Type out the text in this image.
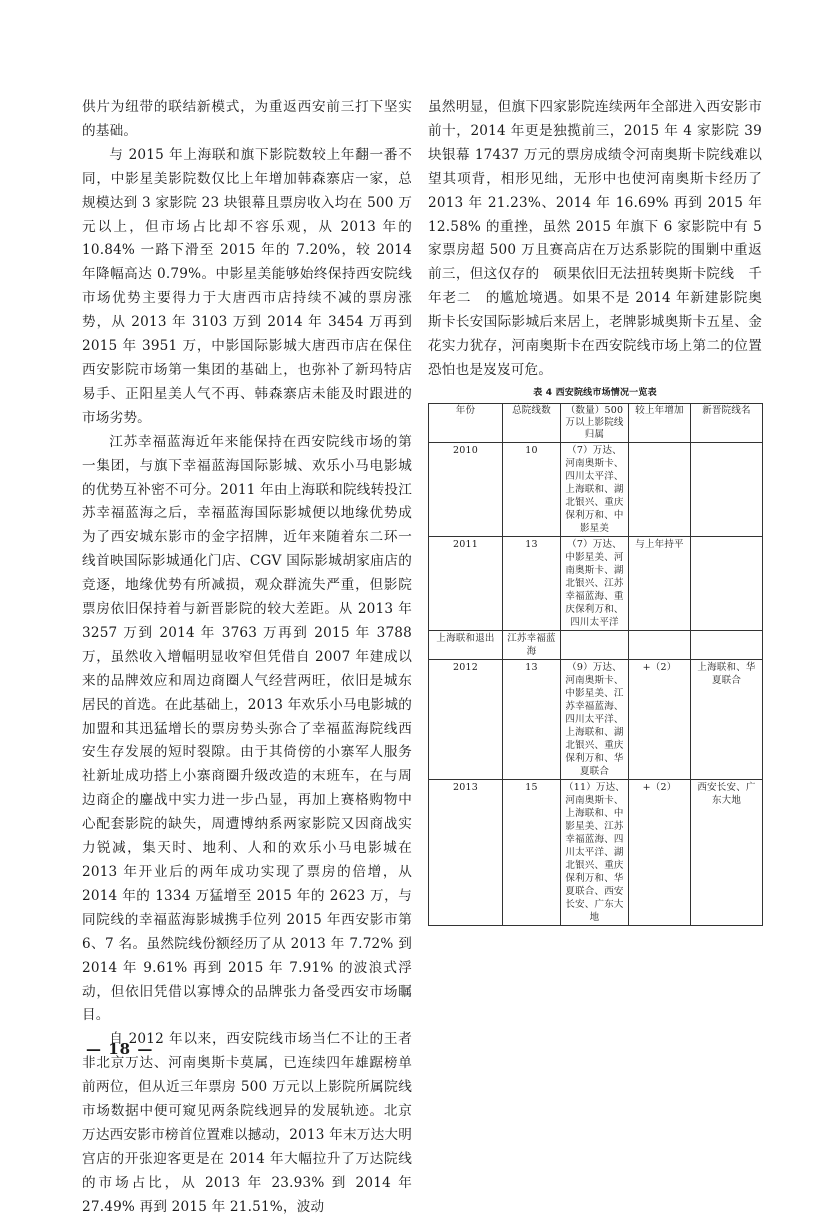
供片为纽带的联结新模式，为重返西安前三打下坚实的基础。

与 2015 年上海联和旗下影院数较上年翻一番不同，中影星美影院数仅比上年增加韩森寨店一家，总规模达到 3 家影院 23 块银幕且票房收入均在 500 万元以上，但市场占比却不容乐观，从 2013 年的 10.84% 一路下滑至 2015 年的 7.20%，较 2014 年降幅高达 0.79%。中影星美能够始终保持西安院线市场优势主要得力于大唐西市店持续不减的票房涨势，从 2013 年 3103 万到 2014 年 3454 万再到 2015 年 3951 万，中影国际影城大唐西市店在保住西安影院市场第一集团的基础上，也弥补了新玛特店易手、正阳星美人气不再、韩森寨店未能及时跟进的市场劣势。

江苏幸福蓝海近年来能保持在西安院线市场的第一集团，与旗下幸福蓝海国际影城、欢乐小马电影城的优势互补密不可分。2011 年由上海联和院线转投江苏幸福蓝海之后，幸福蓝海国际影城便以地缘优势成为了西安城东影市的金字招牌，近年来随着东二环一线首映国际影城通化门店、CGV 国际影城胡家庙店的竞逐，地缘优势有所减损，观众群流失严重，但影院票房依旧保持着与新晋影院的较大差距。从 2013 年 3257 万到 2014 年 3763 万再到 2015 年 3788 万，虽然收入增幅明显收窄但凭借自 2007 年建成以来的品牌效应和周边商圈人气经营两旺，依旧是城东居民的首选。在此基础上，2013 年欢乐小马电影城的加盟和其迅猛增长的票房势头弥合了幸福蓝海院线西安生存发展的短时裂隙。由于其倚傍的小寨军人服务社新址成功搭上小寨商圈升级改造的末班车，在与周边商企的鏖战中实力进一步凸显，再加上赛格购物中心配套影院的缺失，周遭博纳系两家影院又因商战实力锐减，集天时、地利、人和的欢乐小马电影城在 2013 年开业后的两年成功实现了票房的倍增，从 2014 年的 1334 万猛增至 2015 年的 2623 万，与同院线的幸福蓝海影城携手位列 2015 年西安影市第 6、7 名。虽然院线份额经历了从 2013 年 7.72% 到 2014 年 9.61% 再到 2015 年 7.91% 的波浪式浮动，但依旧凭借以寡博众的品牌张力备受西安市场瞩目。

自 2012 年以来，西安院线市场当仁不让的王者非北京万达、河南奥斯卡莫属，已连续四年雄踞榜单前两位，但从近三年票房 500 万元以上影院所属院线市场数据中便可窥见两条院线迥异的发展轨迹。北京万达西安影市榜首位置难以撼动，2013 年末万达大明宫店的开张迎客更是在 2014 年大幅拉升了万达院线的市场占比，从 2013 年 23.93% 到 2014 年 27.49% 再到 2015 年 21.51%，波动

虽然明显，但旗下四家影院连续两年全部进入西安影市前十，2014 年更是独揽前三，2015 年 4 家影院 39 块银幕 17437 万元的票房成绩令河南奥斯卡院线难以望其项背，相形见绌，无形中也使河南奥斯卡经历了 2013 年 21.23%、2014 年 16.69% 再到 2015 年 12.58% 的重挫，虽然 2015 年旗下 6 家影院中有 5 家票房超 500 万且赛高店在万达系影院的围剿中重返前三，但这仅存的　硕果依旧无法扭转奥斯卡院线　千年老二　的尴尬境遇。如果不是 2014 年新建影院奥斯卡长安国际影城后来居上，老牌影城奥斯卡五星、金花实力犹存，河南奥斯卡在西安院线市场上第二的位置恐怕也是岌岌可危。

表 4 西安院线市场情况一览表
年份	总院线数	（数量）500 万以上影院线归属	较上年增加	新晋院线名
2010	10	（7）万达、河南奥斯卡、四川太平洋、上海联和、湖北银兴、重庆保利万和、中影星美		
2011	13	（7）万达、中影星美、河南奥斯卡、湖北银兴、江苏幸福蓝海、重庆保利万和、四川太平洋	与上年持平	
上海联和退出	江苏幸福蓝海			
2012	13	（9）万达、河南奥斯卡、中影星美、江苏幸福蓝海、四川太平洋、上海联和、湖北银兴、重庆保利万和、华夏联合	+（2）	上海联和、华夏联合
2013	15	（11）万达、河南奥斯卡、上海联和、中影星美、江苏幸福蓝海、四川太平洋、湖北银兴、重庆保利万和、华夏联合、西安长安、广东大地	+（2）	西安长安、广东大地
— 18 —
